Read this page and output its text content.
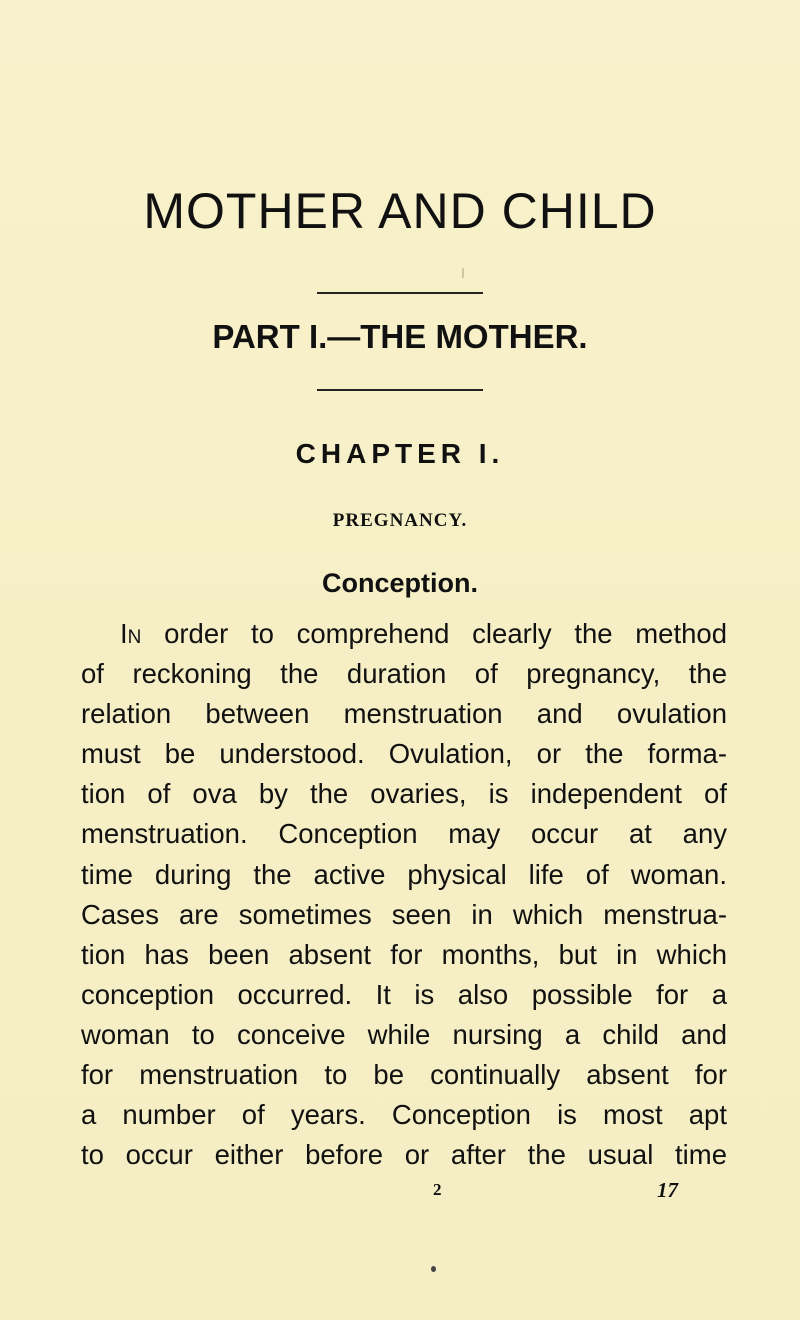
MOTHER AND CHILD
PART I.—THE MOTHER.
CHAPTER I.
PREGNANCY.
Conception.
In order to comprehend clearly the method
of reckoning the duration of pregnancy, the
relation between menstruation and ovulation
must be understood. Ovulation, or the forma-
tion of ova by the ovaries, is independent of
menstruation. Conception may occur at any
time during the active physical life of woman.
Cases are sometimes seen in which menstrua-
tion has been absent for months, but in which
conception occurred. It is also possible for a
woman to conceive while nursing a child and
for menstruation to be continually absent for
a number of years. Conception is most apt
to occur either before or after the usual time
2	17
